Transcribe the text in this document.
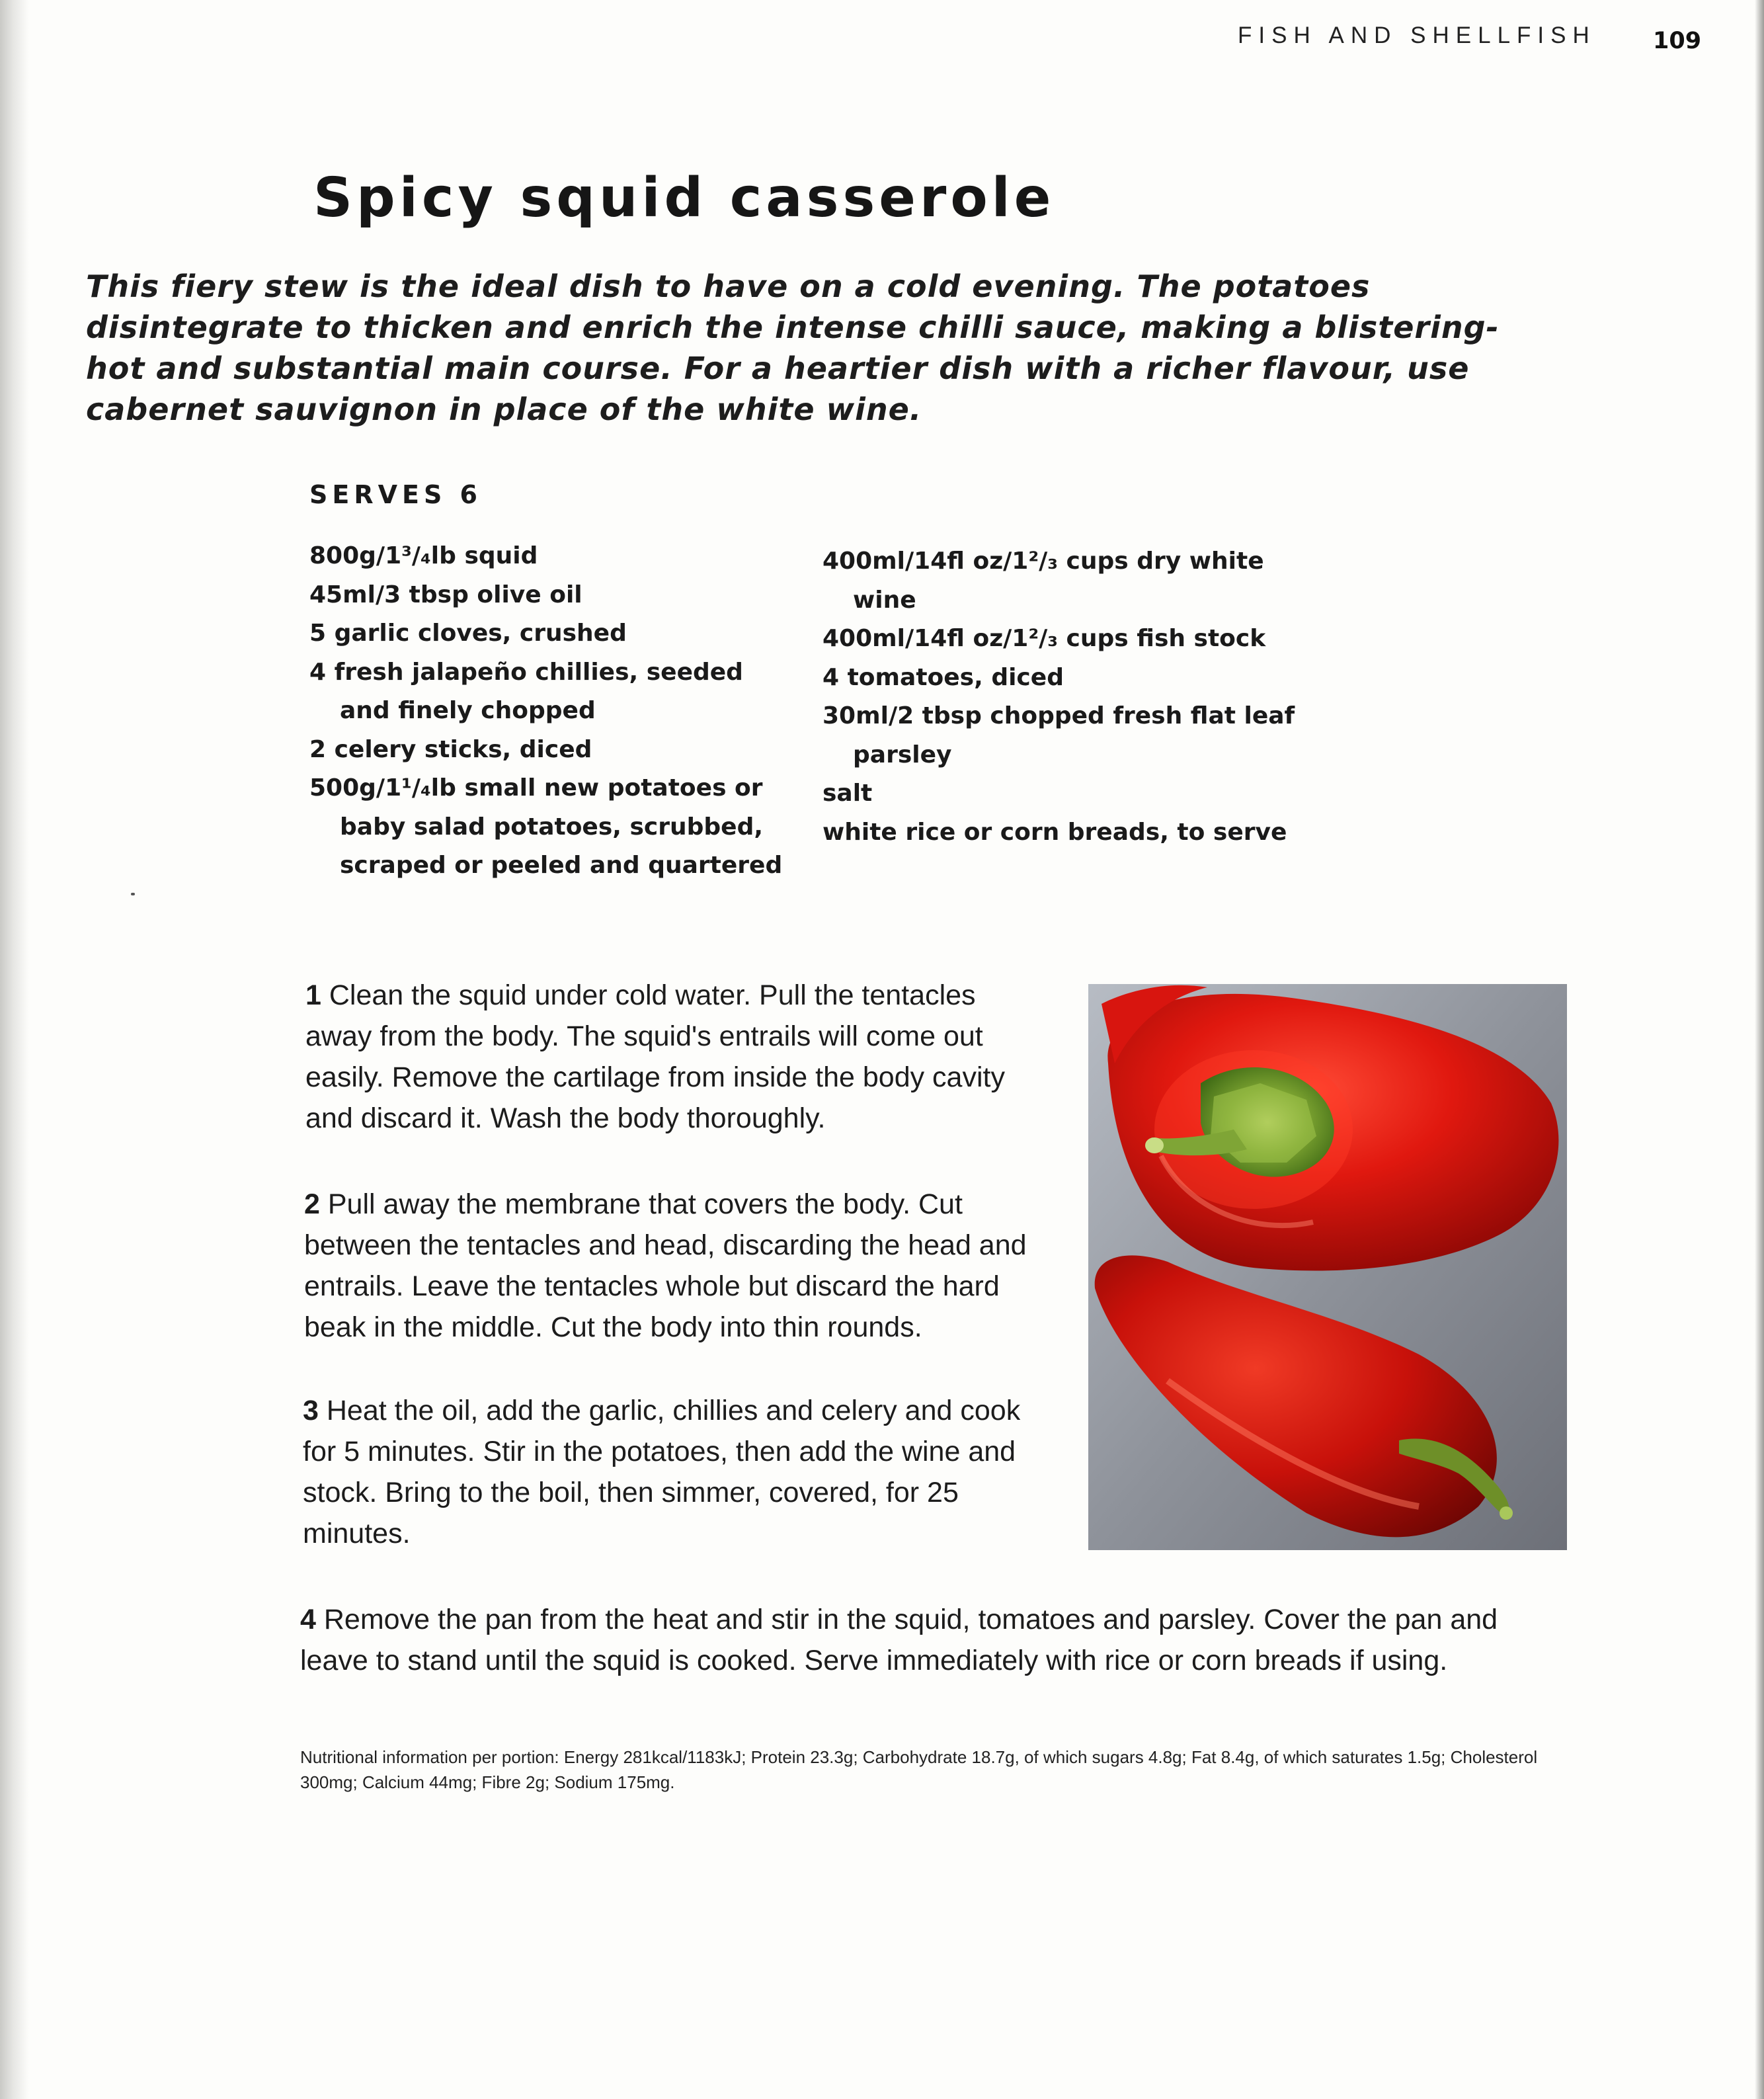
FISH AND SHELLFISH 109
Spicy squid casserole

This fiery stew is the ideal dish to have on a cold evening. The potatoes disintegrate to thicken and enrich the intense chilli sauce, making a blistering-hot and substantial main course. For a heartier dish with a richer flavour, use cabernet sauvignon in place of the white wine.

SERVES 6
800g/1³/₄lb squid
45ml/3 tbsp olive oil
5 garlic cloves, crushed
4 fresh jalapeño chillies, seeded and finely chopped
2 celery sticks, diced
500g/1¹/₄lb small new potatoes or baby salad potatoes, scrubbed, scraped or peeled and quartered
400ml/14fl oz/1²/₃ cups dry white wine
400ml/14fl oz/1²/₃ cups fish stock
4 tomatoes, diced
30ml/2 tbsp chopped fresh flat leaf parsley
salt
white rice or corn breads, to serve

1 Clean the squid under cold water. Pull the tentacles away from the body. The squid's entrails will come out easily. Remove the cartilage from inside the body cavity and discard it. Wash the body thoroughly.

2 Pull away the membrane that covers the body. Cut between the tentacles and head, discarding the head and entrails. Leave the tentacles whole but discard the hard beak in the middle. Cut the body into thin rounds.

3 Heat the oil, add the garlic, chillies and celery and cook for 5 minutes. Stir in the potatoes, then add the wine and stock. Bring to the boil, then simmer, covered, for 25 minutes.

4 Remove the pan from the heat and stir in the squid, tomatoes and parsley. Cover the pan and leave to stand until the squid is cooked. Serve immediately with rice or corn breads if using.

Nutritional information per portion: Energy 281kcal/1183kJ; Protein 23.3g; Carbohydrate 18.7g, of which sugars 4.8g; Fat 8.4g, of which saturates 1.5g; Cholesterol 300mg; Calcium 44mg; Fibre 2g; Sodium 175mg.
